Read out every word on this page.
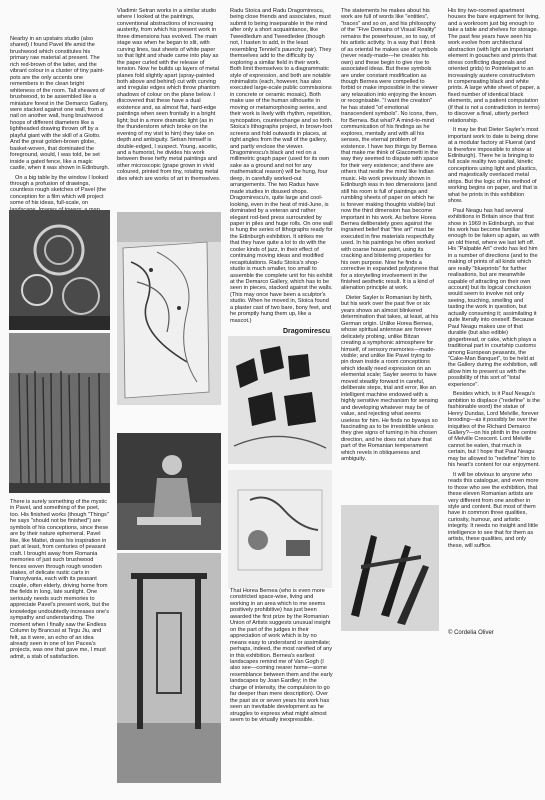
Nearby in an upstairs studio (also shared) I found Pavel life amid the brushwood which constitutes his primary raw material at present. The rich red-brown of the latter, and the vibrant colour in a cluster of tiny paint-pots are the only accents one remembers in the clean bright whiteness of the room. Tall sheaves of brushwood, to be assembled like a miniature forest in the Demarco Gallery, were stacked against one wall, from a nail on another wall, hung brushwood hoops of different diameters like a lightheaded drawing thrown off by a playful giant with the skill of a Giotto. And the great golden-brown globe, basket-woven, that dominated the foreground, would, I was told, be set inside a gated fence, like a magic castle, when it was shown in Edinburgh.

On a big table by the window I looked through a profusion of drawings, countless rough sketches of Pavel (the conception for a film which will project some of his ideas, full-scale, on

There is surely something of the mystic in Pavel, and something of the poet, too. His finished works (though "Things" he says "should not be finished") are symbols of his conceptions, since these are by their nature ephemeral. Pavel like, like Mattei, draws his inspiration in part at least, from centuries of peasant craft. I brought away from Romania memories of just such brushwood fences woven through rough wooden stakes, of delicate rustic carts in Transylvania, each with its peasant couple, often elderly, driving home from the fields in long, late sunlight. One seriously needs such memories to appreciate Pavel's present work, but the knowledge undoubtedly increases one's sympathy and understanding. The moment when I finally saw the Endless Column by Brancusi at Tirgu Jiu, and felt, as it were, an echo of an idea already seen in one of Ion Pacea's projects, was one that gave me, I must admit, a stab of satisfaction.

Vladimir Setran works in a similar studio where I looked at the paintings, conventional abstractions of increasing austerity, from which his present work in three dimensions has evolved. The main stage was when he began to slit, with curving lines, taut sheets of white paper so that light and shade came into play as the paper curled with the release of tension. Now he builds up layers of metal planes fold slightly apart (spray-painted both above and behind) cut with curving and irregular edges which throw phantom shadows of colour on the plane below. I discovered that these have a dual existence and, as almost flat, hard-edge paintings when seen frontally in a bright light; but in a more dramatic light (as in the thunderstorm which broke on the evening of my visit to him) they take on depth and ambiguity. Setran himself is double-edged, I suspect. Young, ascetic, and a humorist, he divides his work between these hefty metal paintings and other microscopic (grape grown in vivid coloured, printed from tiny, rotating metal dies which are works of art in themselves.

Radu Stoica and Radu Dragomirescu, being close friends and associates, must submit to being inseparable in the mind after only a short acquaintance, like Tweedledum and Tweedledee (though not, I hasten to add, in the least resembling Tenniel's paunchy pair). They themselves add to the difficulty by exploring a similar field in their work. Both limit themselves to a diagrammatic style of expression, and both are notable minimalists (each, however, has also executed large-scale public commissions in concrete or ceramic mosaic). Both make use of the human silhouette in moving or metamorphosing series, and their work is lively with rhythm, repetition, syncopation, counterchange and so forth. Stoica's lithographs project, in brown-foot screens and fold outwards in places, at right angles from the wall of the gallery, and partly enclose the viewer. Dragomirescu's black and red on a millimetric graph paper (used for its own sake as a ground and not for any mathematical reason) will be hung, four deep, in carefully worked-out arrangements. The two Radus have made studies in disused shops. Dragomirescu's, quite large and cool-looking, even in the heat of mid-June, is dominated by a veteran and rather elegant rod-bed press surrounded by paper in piles and huge rolls. On one wall is hung the series of lithographs ready for the Edinburgh exhibition. It strikes me that they have quite a lot to do with the cooler kinds of jazz, in their effect of continuing moving ideas and modified recapitulations. Radu Stoica's shop-studio is much smaller, too small to assemble the complete unit for his exhibit at the Demarco Gallery, which has to be seen in pieces, stacked against the walls. (This may once have been a sculptor's studio. When he moved in, Stoica found a plaster cast of two bare, bony feet, and he promptly hung them up, like a mascot.)

Dragomirescu

That Horea Bernea (who is even more constricted space-wise, living and working in an area which to me seems positively prohibitive) has just been awarded the first prize by the Romanian Union of Artists suggests unusual insight on the part of the judges in their appreciation of work which is by no means easy to understand or assimilate; perhaps, indeed, the most rarefied of any in this exhibition. Bernea's earliest landscapes remind me of Van Gogh (I also see—coming nearer home—some resemblance between them and the early landscapes by Joan Eardley; in the charge of intensity, the compulsion to go far deeper than mere description). Over the past six or seven years his work has seen an inevitable development as he struggles to express what might almost seem to be virtually inexpressible.

The statements he makes about his work are full of words like "entities", "traces" and so on, and his philosophy of the "Five Domains of Visual Reality" remains the powerhouse, so to say, of his artistic activity. In a way that I think of as oriental he makes use of symbols (never ready-made—he creates his own) and these begin to give rise to associated ideas. But these symbols are under constant modification as though Bernea were compelled to forbid or make impossible in the viewer any relaxation into enjoying the known or recognisable. "I want the creation" he has stated "of emotional transcendent symbols". No icons, then, for Bernea. But what? A mind-to-mind communication of his findings as he explores, mentally and with all his senses, the eternal problem of existence. I have two things by Bernea that make me think of Giacometti in the way they seemed to dispute with space for their very existence; and there are others that nestle the mind like Indian music. His work previously shown in Edinburgh was in two dimensions (and still his room is full of paintings and rumbling sheets of paper on which he is forever making thoughts visible) but now the third dimension has become important in his work. As before Horea Bernea deliberately goes against the ingrained belief that "fine art" must be executed in fine materials respectfully used. In his paintings he often worked with coarse house paint, using its cracking and blistering properties for his own purpose. Now he finds a corrective in expanded polystyrene that for a storytelling involvement in the finished aesthetic result. It is a kind of alienation principle at work.

Dieter Sayler is Romanian by birth, but his work over the past five or six years shows an almost blinkered determination that takes, at least, at his German origin. Unlike Horea Bernea, whose spiritual antennae are forever delicately probing, unlike Bitzan creating a symphonic atmosphere for himself, of sensory memories—made-visible; and unlike Ilie Pavel trying to pin down inside a room conceptions which ideally need expression on an elemental scale; Sayler seems to have moved steadily forward in careful, deliberate steps, trial and error, like an intelligent machine endowed with a highly sensitive mechanism for sensing and developing whatever may be of value, and rejecting what seems useless for him. He finds no byways so fascinating as to be irresistible unless they give signs of turning in his chosen direction, and he does not share that part of the Romanian temperament which revels in obliqueness and ambiguity.

His tiny two-roomed apartment houses the bare equipment for living, and a workroom just big enough to take a table and shelves for storage. The past few years have seen his work evolve from architectural abstraction (with light an important element in gouaches and prints that stress conflicting diagonals and oriented grids) to Pointeleget to an increasingly austere constructivism in compensating black and white prints. A large white sheet of paper, a fixed number of identical black elements, and a patient computation (if that is not a contradiction in terms) to discover a final, utterly perfect relationship.

It may be that Dieter Sayler's most important work to date is being done at a modular factory at Fluerat (and is therefore impossible to show at Edinburgh). There he is bringing to full scale reality two spatial, kinetic conceptions using light and plastics, and majestically overlaced metal strips. But the logic of his method of working begins on paper, and that is what he prints in this exhibition show.

Paul Neagu has had several exhibitions in Britain since that first show in 1969 in Edinburgh, so that his work has become familiar enough to be taken up again, as with an old friend, where we last left off. His "Palpable Art" credo has led him in a number of directions (and to the making of prints of all kinds which are really "blueprints" for further realisations, but are meanwhile capable of attracting on their own account) but its logical conclusion would seem to involve not only seeing, touching, smelling and tasting the work in question, but actually consuming it; assimilating it quite literally into oneself. Because Paul Neagu makes use of that durable (but also edible) gingerbread, or cake, which plays a traditional part in courtship customs among European peasants, the "Cake-Man Banquet", to be held at the Gallery during the exhibition, will allow him to present us with the possibility of this sort of "total experience".

Besides which, is it Paul Neagu's ambition to displace ("redefine" is the fashionable word) the statue of Henry Dundas, Lord Melville, forever brooding—as it possibly be over the iniquities of the Richard Demarco Gallery?—on his plinth in the centre of Melville Crescent. Lord Melville cannot be eaten, that much is certain, but I hope that Paul Neagu may be allowed to "redefine" him to his heart's content for our enjoyment.

It will be obvious to anyone who reads this catalogue, and even more to those who see the exhibition, that these eleven Romanian artists are very different from one another in style and content. But most of them have in common three qualities, curiosity, humour, and artistic integrity. It needs no insight and little intelligence to see that for them as artists, these qualities, and only these, will suffice.

© Cordelia Oliver
